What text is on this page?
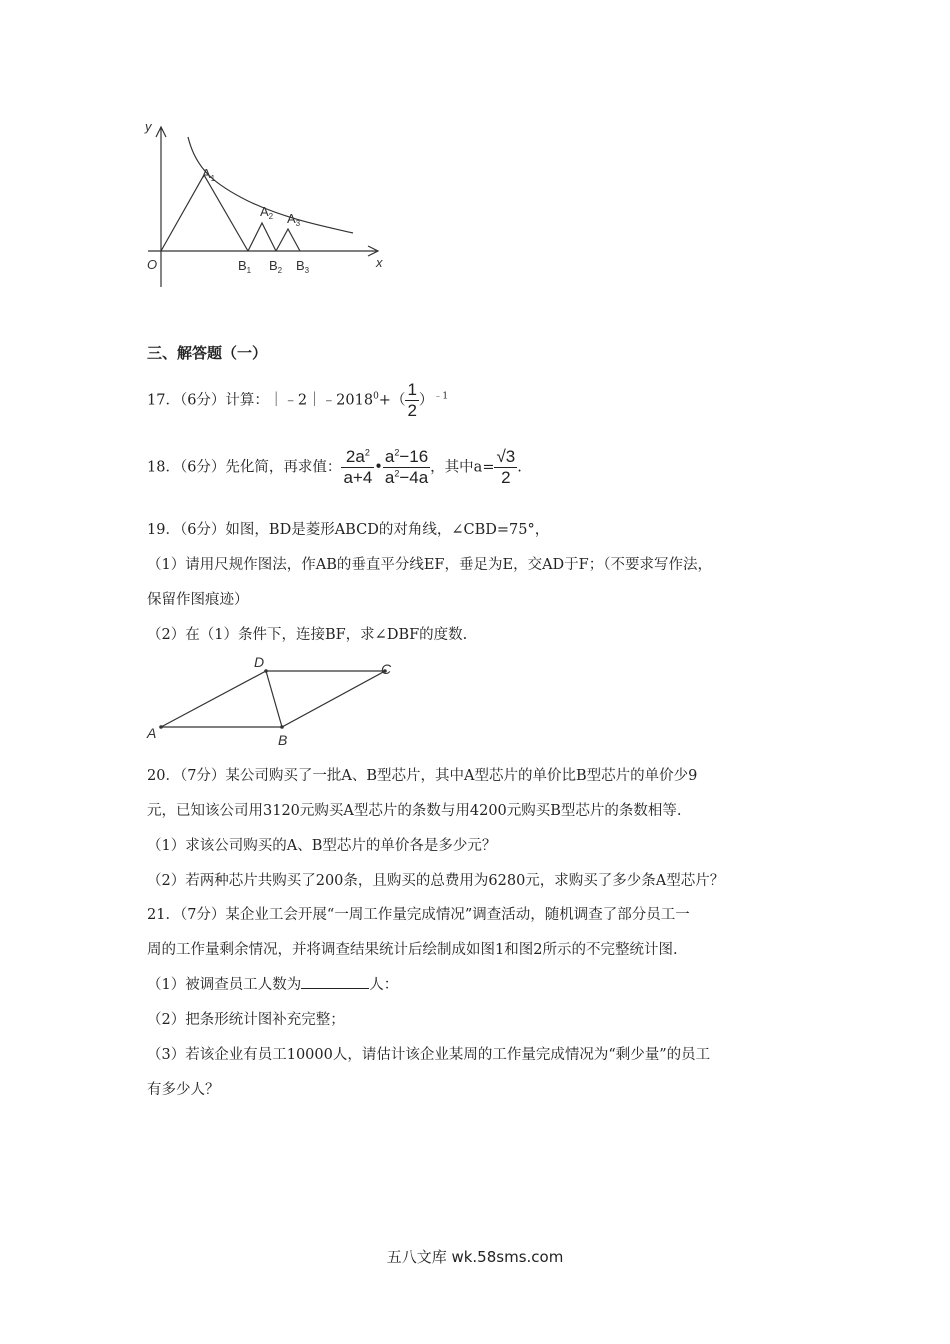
y
x
O
$A_1$
$A_2$ $A_3$
$B_1$ $B_2$ $B_3$
三、解答题（一）
17．（6分）计算：$|﹣2|﹣2018^0+( \frac{1}{2} )^{﹣1}$
18．（6分）先化简，再求值： $\frac{2a^2}{a+4}$ • $\frac{a^2-16}{a^2-4a}$ ，其中$a= \frac{√3}{2}$ .
19．（6分）如图，BD是菱形ABCD的对角线，∠CBD=75°，
（1）请用尺规作图法，作AB的垂直平分线EF，垂足为E，交AD于F；（不要求写作法，
保留作图痕迹）
（2）在（1）条件下，连接BF，求∠DBF的度数.
A	B
C
D
20．（7分）某公司购买了一批A、B型芯片，其中A型芯片的单价比B型芯片的单价少9
元，已知该公司用3120元购买A型芯片的条数与用4200元购买B型芯片的条数相等.
（1）求该公司购买的A、B型芯片的单价各是多少元？
（2）若两种芯片共购买了200条，且购买的总费用为6280元，求购买了多少条A型芯片？
21．（7分）某企业工会开展“一周工作量完成情况”调查活动，随机调查了部分员工一
周的工作量剩余情况，并将调查结果统计后绘制成如图1和图2所示的不完整统计图.
（1）被调查员工人数为	人：
（2）把条形统计图补充完整；
（3）若该企业有员工10000人，请估计该企业某周的工作量完成情况为“剩少量”的员工
有多少人？
五八文库 wk.58sms.com
